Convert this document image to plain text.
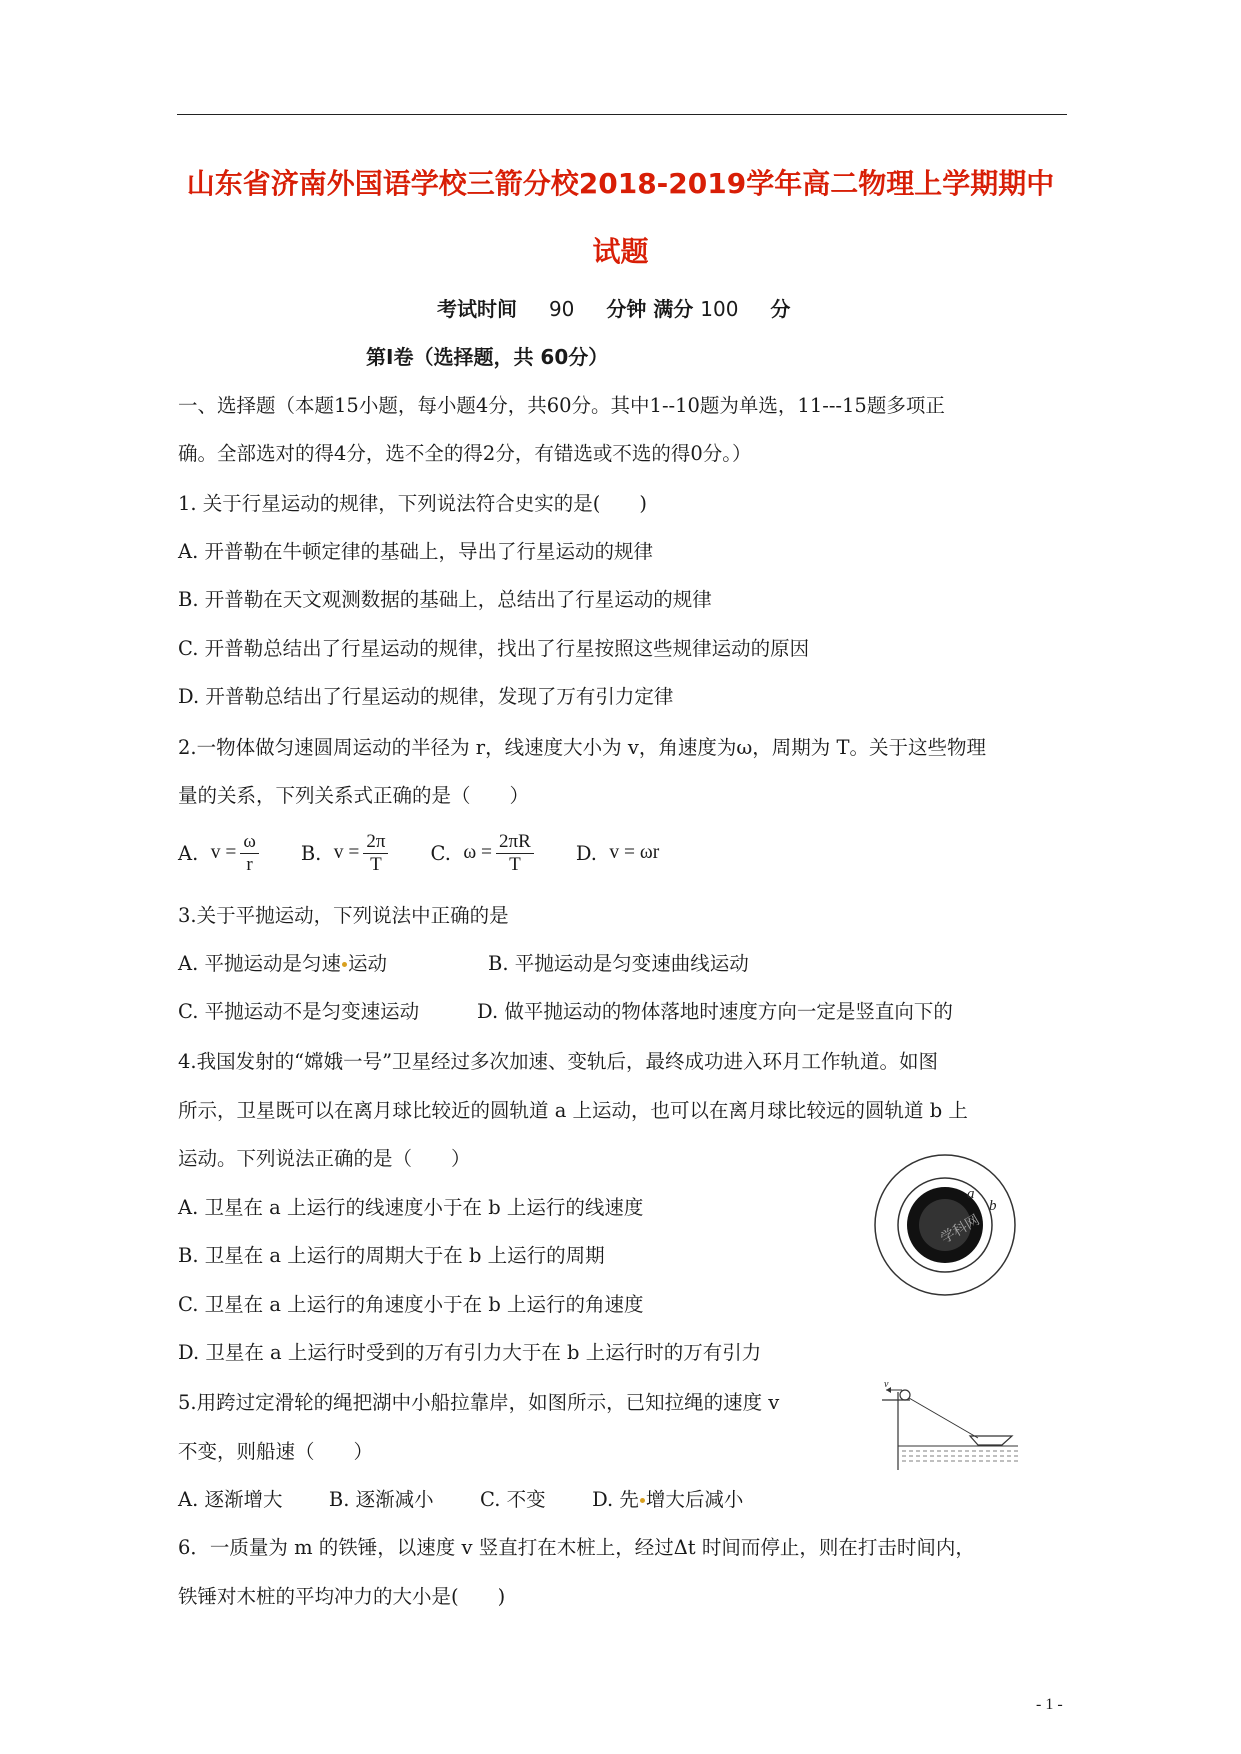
山东省济南外国语学校三箭分校2018-2019学年高二物理上学期期中
试题
考试时间 90 分钟 满分 100 分
第Ⅰ卷（选择题，共 60分）
一、选择题（本题15小题，每小题4分，共60分。其中1--10题为单选，11---15题多项正
确。全部选对的得4分，选不全的得2分，有错选或不选的得0分。）
1. 关于行星运动的规律，下列说法符合史实的是(　　)
A. 开普勒在牛顿定律的基础上，导出了行星运动的规律
B. 开普勒在天文观测数据的基础上，总结出了行星运动的规律
C. 开普勒总结出了行星运动的规律，找出了行星按照这些规律运动的原因
D. 开普勒总结出了行星运动的规律，发现了万有引力定律
2.一物体做匀速圆周运动的半径为 r，线速度大小为 v，角速度为ω，周期为 T。关于这些物理
量的关系，下列关系式正确的是（　　）
A.
$v = \frac{\omega}{r} B$.
$v = \frac{2\pi}{T} C$.
$\omega = \frac{2\pi R}{T} D$.
v = ωr
3.关于平抛运动，下列说法中正确的是
A. 平抛运动是匀速 运动	B. 平抛运动是匀变速曲线运动
C. 平抛运动不是匀变速运动	D. 做平抛运动的物体落地时速度方向一定是竖直向下的
4.我国发射的“嫦娥一号”卫星经过多次加速、变轨后，最终成功进入环月工作轨道。如图
所示，卫星既可以在离月球比较近的圆轨道 a 上运动，也可以在离月球比较远的圆轨道 b 上
运动。下列说法正确的是（　　）
A. 卫星在 a 上运行的线速度小于在 b 上运行的线速度
B. 卫星在 a 上运行的周期大于在 b 上运行的周期
C. 卫星在 a 上运行的角速度小于在 b 上运行的角速度
D. 卫星在 a 上运行时受到的万有引力大于在 b 上运行时的万有引力
a
b
学科网
5.用跨过定滑轮的绳把湖中小船拉靠岸，如图所示，已知拉绳的速度 v
不变，则船速（　　）
A. 逐渐增大 B. 逐渐减小 C. 不变 D. 先 增大后减小
v
6．一质量为 m 的铁锤，以速度 v 竖直打在木桩上，经过Δt 时间而停止，则在打击时间内，
铁锤对木桩的平均冲力的大小是(　　)
- 1 -
